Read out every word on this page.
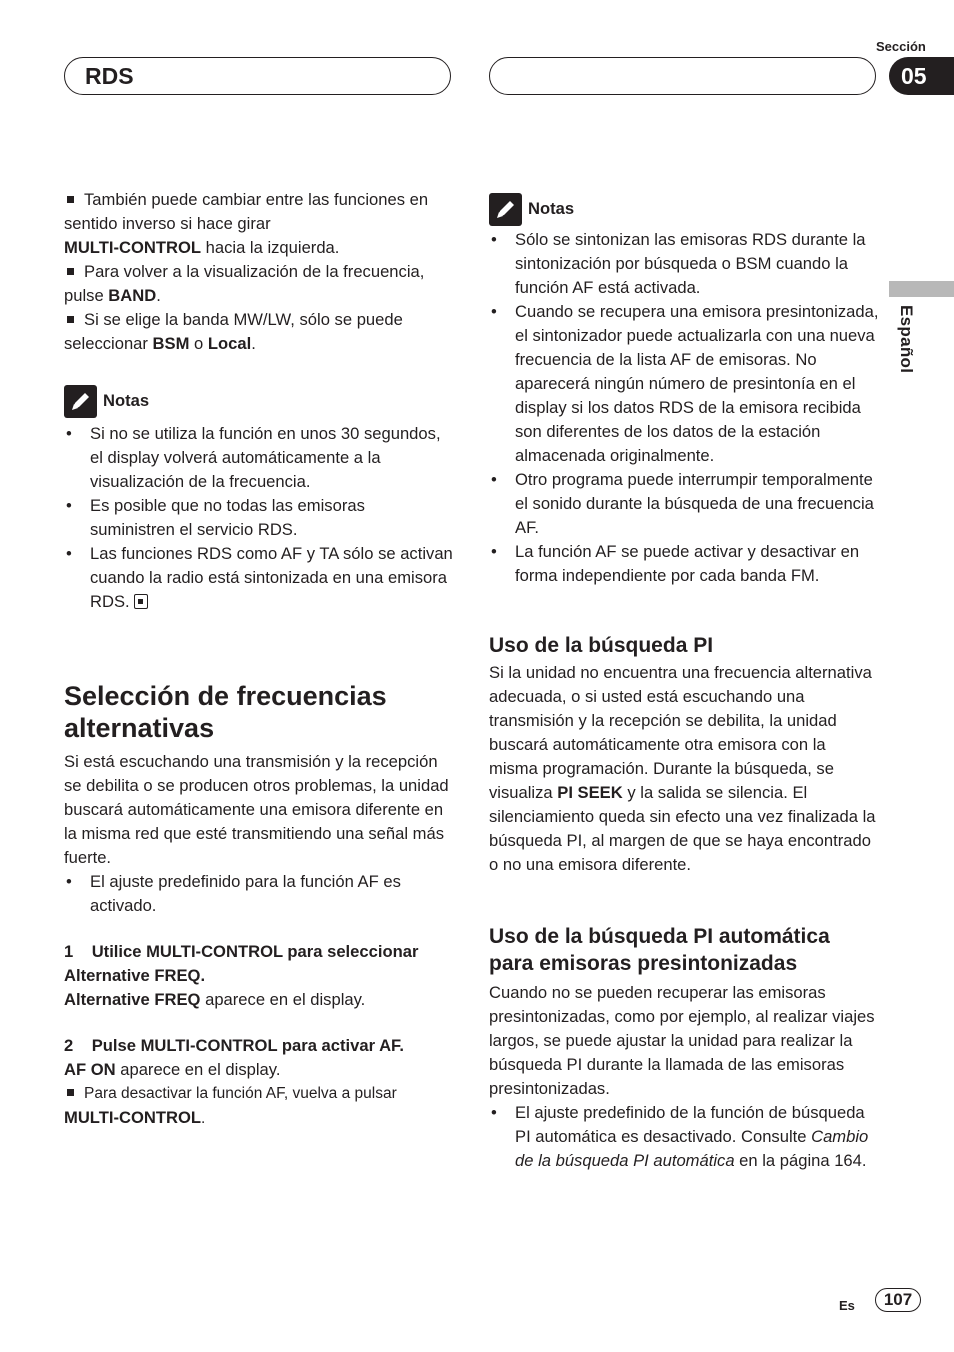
RDS
Sección
05
Español

También puede cambiar entre las funciones en sentido inverso si hace girar
MULTI-CONTROL hacia la izquierda.

Para volver a la visualización de la frecuencia, pulse BAND.

Si se elige la banda MW/LW, sólo se puede seleccionar BSM o Local.

Notas

• Si no se utiliza la función en unos 30 segundos, el display volverá automáticamente a la visualización de la frecuencia.

• Es posible que no todas las emisoras suministren el servicio RDS.

• Las funciones RDS como AF y TA sólo se activan cuando la radio está sintonizada en una emisora RDS.

Selección de frecuencias
alternativas

Si está escuchando una transmisión y la recepción se debilita o se producen otros problemas, la unidad buscará automáticamente una emisora diferente en la misma red que esté transmitiendo una señal más fuerte.

• El ajuste predefinido para la función AF es activado.

1 Utilice MULTI-CONTROL para seleccionar Alternative FREQ.

Alternative FREQ aparece en el display.

2 Pulse MULTI-CONTROL para activar AF.

AF ON aparece en el display.

Para desactivar la función AF, vuelva a pulsar
MULTI-CONTROL.

Notas

• Sólo se sintonizan las emisoras RDS durante la sintonización por búsqueda o BSM cuando la función AF está activada.

• Cuando se recupera una emisora presintonizada, el sintonizador puede actualizarla con una nueva frecuencia de la lista AF de emisoras. No aparecerá ningún número de presintonía en el display si los datos RDS de la emisora recibida son diferentes de los datos de la estación almacenada originalmente.

• Otro programa puede interrumpir temporalmente el sonido durante la búsqueda de una frecuencia AF.

• La función AF se puede activar y desactivar en forma independiente por cada banda FM.

Uso de la búsqueda PI

Si la unidad no encuentra una frecuencia alternativa adecuada, o si usted está escuchando una transmisión y la recepción se debilita, la unidad buscará automáticamente otra emisora con la misma programación. Durante la búsqueda, se visualiza PI SEEK y la salida se silencia. El silenciamiento queda sin efecto una vez finalizada la búsqueda PI, al margen de que se haya encontrado o no una emisora diferente.

Uso de la búsqueda PI automática
para emisoras presintonizadas

Cuando no se pueden recuperar las emisoras presintonizadas, como por ejemplo, al realizar viajes largos, se puede ajustar la unidad para realizar la búsqueda PI durante la llamada de las emisoras presintonizadas.

• El ajuste predefinido de la función de búsqueda PI automática es desactivado. Consulte Cambio de la búsqueda PI automática en la página 164.

Es	107
